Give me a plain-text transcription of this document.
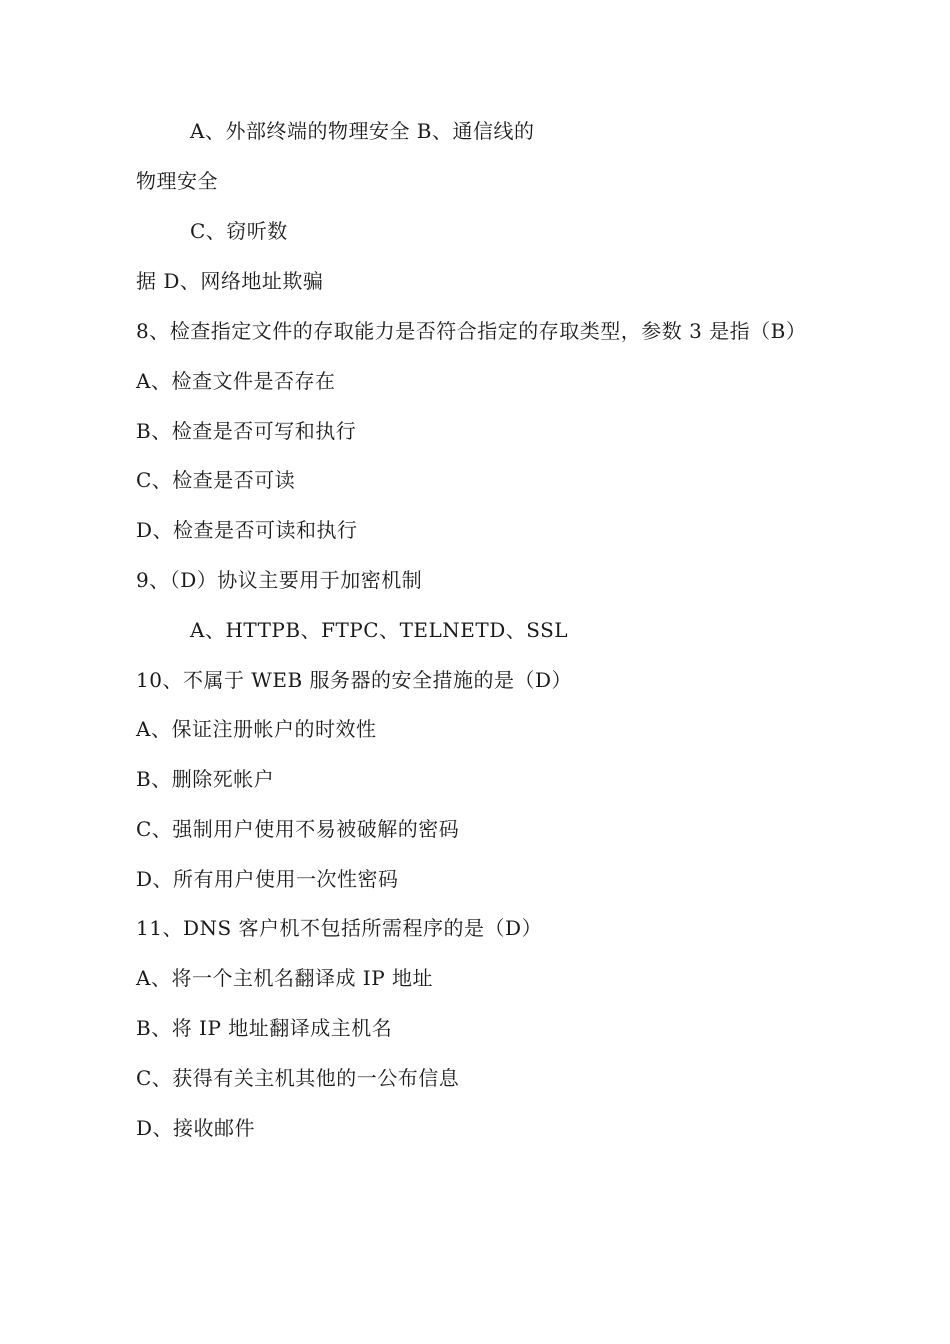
A、外部终端的物理安全 B、通信线的
物理安全
C、窃听数
据 D、网络地址欺骗
8、检查指定文件的存取能力是否符合指定的存取类型，参数 3 是指（B）
A、检查文件是否存在
B、检查是否可写和执行
C、检查是否可读
D、检查是否可读和执行
9、（D）协议主要用于加密机制
A、HTTPB、FTPC、TELNETD、SSL
10、不属于 WEB 服务器的安全措施的是（D）
A、保证注册帐户的时效性
B、删除死帐户
C、强制用户使用不易被破解的密码
D、所有用户使用一次性密码
11、DNS 客户机不包括所需程序的是（D）
A、将一个主机名翻译成 IP 地址
B、将 IP 地址翻译成主机名
C、获得有关主机其他的一公布信息
D、接收邮件
